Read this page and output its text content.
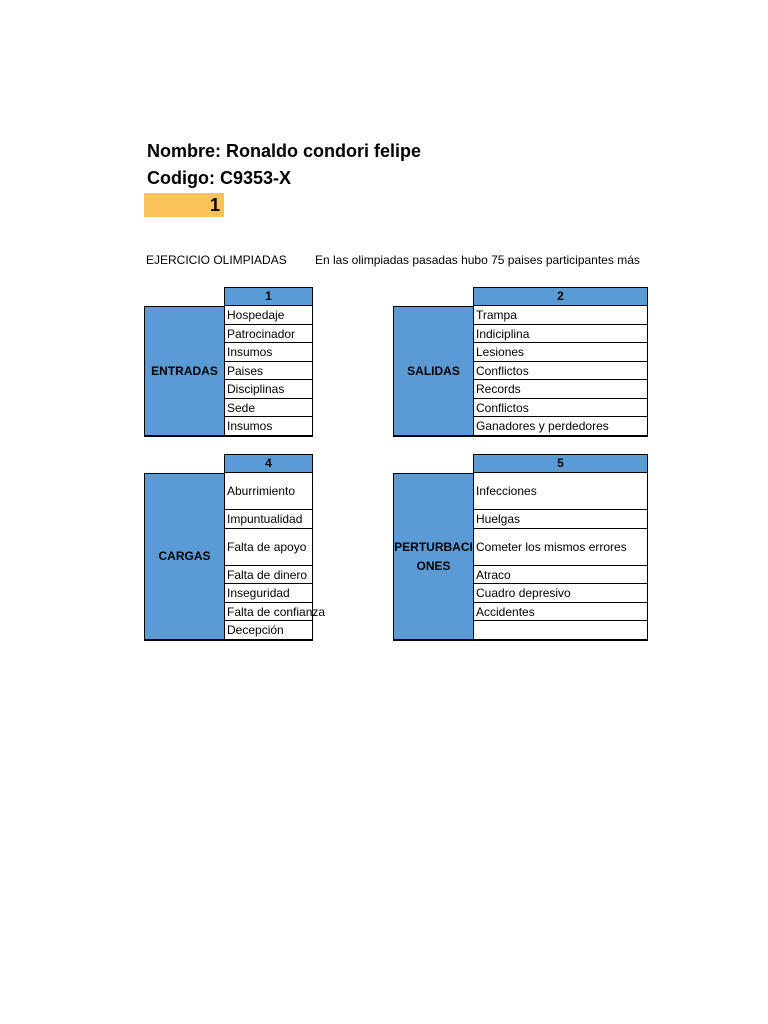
Nombre: Ronaldo condori felipe
Codigo: C9353-X
1
EJERCICIO OLIMPIADAS En las olimpiadas pasadas hubo 75 paises participantes más
1
ENTRADAS
Hospedaje
Patrocinador
Insumos
Paises
Disciplinas
Sede
Insumos
2
SALIDAS
Trampa
Indiciplina
Lesiones
Conflictos
Records
Conflictos
Ganadores y perdedores
4
CARGAS
Aburrimiento
Impuntualidad
Falta de apoyo
Falta de dinero
Inseguridad
Falta de confianza
Decepción
5
PERTURBACI
ONES
Infecciones
Huelgas
Cometer los mismos errores
Atraco
Cuadro depresivo
Accidentes
